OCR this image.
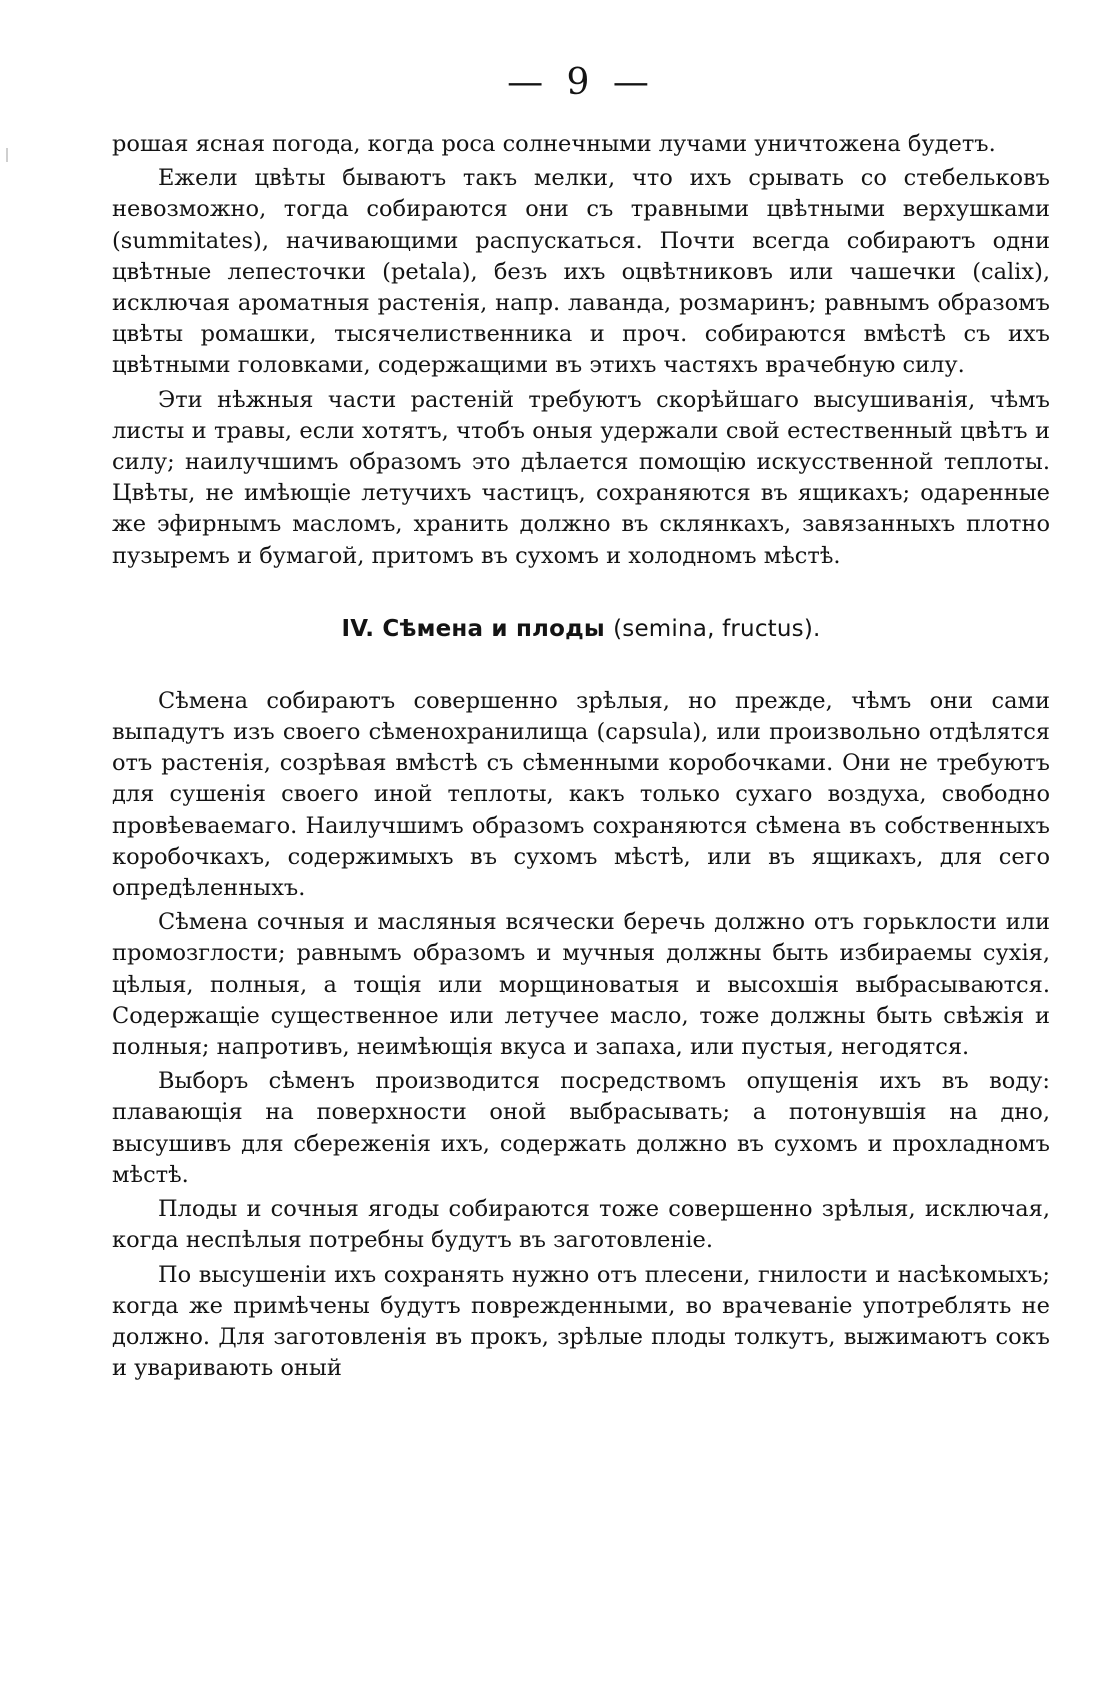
— 9 —

рошая ясная погода, когда роса солнечными лучами уничтожена будетъ.

Ежели цвѣты бываютъ такъ мелки, что ихъ срывать со стебельковъ невозможно, тогда собираются они съ травными цвѣтными верхушками (summitates), начивающими распускаться. Почти всегда собираютъ одни цвѣтные лепесточки (petala), безъ ихъ оцвѣтниковъ или чашечки (calix), исключая ароматныя растенія, напр. лаванда, розмаринъ; равнымъ образомъ цвѣты ромашки, тысячелиственника и проч. собираются вмѣстѣ съ ихъ цвѣтными головками, содержащими въ этихъ частяхъ врачебную силу.

Эти нѣжныя части растеній требуютъ скорѣйшаго высушиванія, чѣмъ листы и травы, если хотятъ, чтобъ оныя удержали свой естественный цвѣтъ и силу; наилучшимъ образомъ это дѣлается помощію искусственной теплоты. Цвѣты, не имѣющіе летучихъ частицъ, сохраняются въ ящикахъ; одаренные же эфирнымъ масломъ, хранить должно въ склянкахъ, завязанныхъ плотно пузыремъ и бумагой, притомъ въ сухомъ и холодномъ мѣстѣ.

IV. Сѣмена и плоды (semina, fructus).

Сѣмена собираютъ совершенно зрѣлыя, но прежде, чѣмъ они сами выпадутъ изъ своего сѣменохранилища (capsula), или произвольно отдѣлятся отъ растенія, созрѣвая вмѣстѣ съ сѣменными коробочками. Они не требуютъ для сушенія своего иной теплоты, какъ только сухаго воздуха, свободно провѣеваемаго. Наилучшимъ образомъ сохраняются сѣмена въ собственныхъ коробочкахъ, содержимыхъ въ сухомъ мѣстѣ, или въ ящикахъ, для сего опредѣленныхъ.

Сѣмена сочныя и масляныя всячески беречь должно отъ горьклости или промозглости; равнымъ образомъ и мучныя должны быть избираемы сухія, цѣлыя, полныя, а тощія или морщиноватыя и высохшія выбрасываются. Содержащіе существенное или летучее масло, тоже должны быть свѣжія и полныя; напротивъ, неимѣющія вкуса и запаха, или пустыя, негодятся.

Выборъ сѣменъ производится посредствомъ опущенія ихъ въ воду: плавающія на поверхности оной выбрасывать; а потонувшія на дно, высушивъ для сбереженія ихъ, содержать должно въ сухомъ и прохладномъ мѣстѣ.

Плоды и сочныя ягоды собираются тоже совершенно зрѣлыя, исключая, когда неспѣлыя потребны будутъ въ заготовленіе.

По высушеніи ихъ сохранять нужно отъ плесени, гнилости и насѣкомыхъ; когда же примѣчены будутъ поврежденными, во врачеваніе употреблять не должно. Для заготовленія въ прокъ, зрѣлые плоды толкутъ, выжимаютъ сокъ и уваривають оный
